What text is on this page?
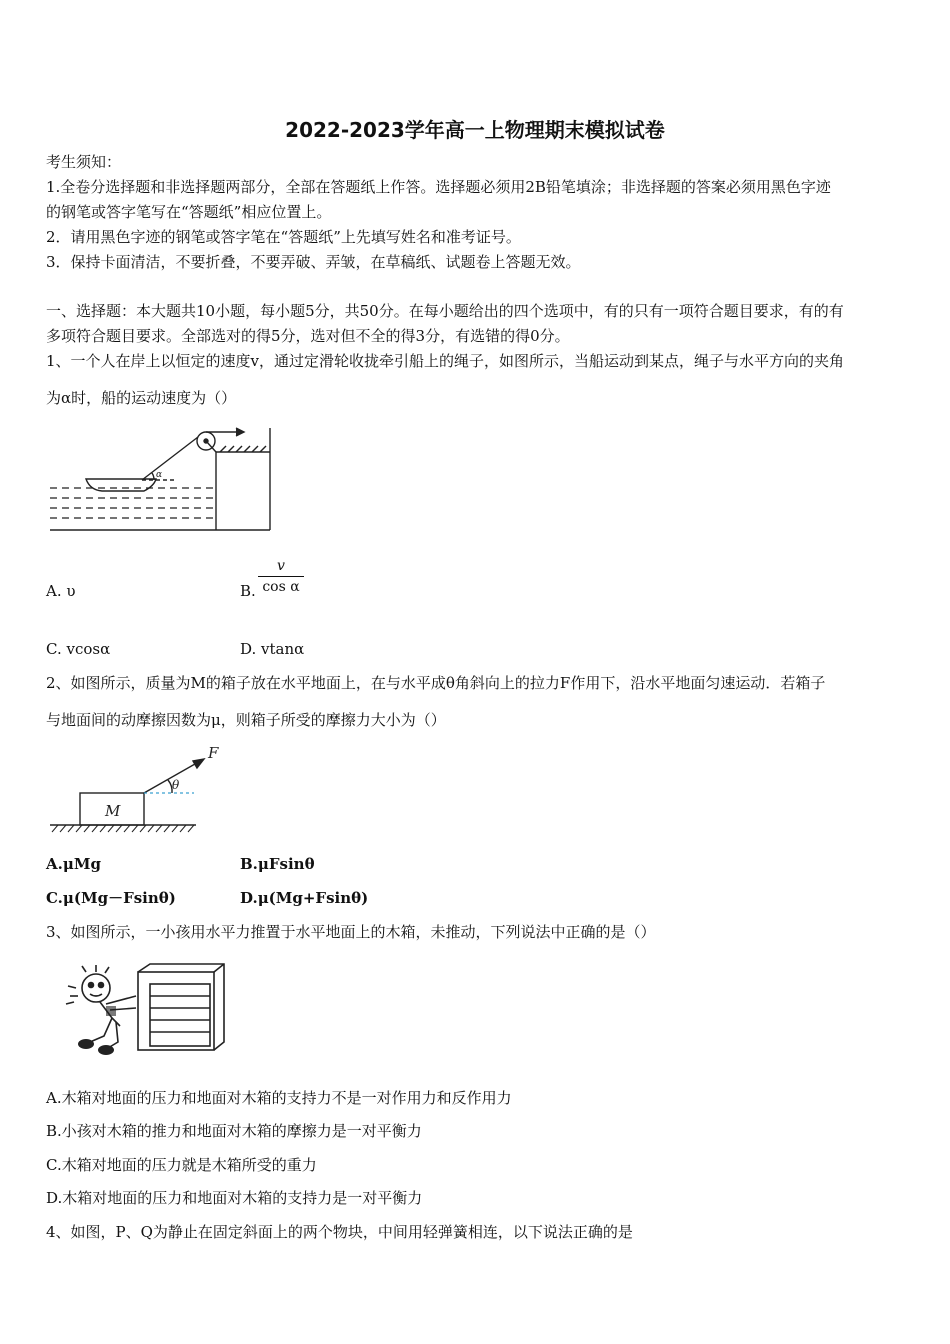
2022-2023学年高一上物理期末模拟试卷
考生须知：
1.全卷分选择题和非选择题两部分，全部在答题纸上作答。选择题必须用2B铅笔填涂；非选择题的答案必须用黑色字迹
的钢笔或答字笔写在“答题纸”相应位置上。
2．请用黑色字迹的钢笔或答字笔在“答题纸”上先填写姓名和准考证号。
3．保持卡面清洁，不要折叠，不要弄破、弄皱，在草稿纸、试题卷上答题无效。
一、选择题：本大题共10小题，每小题5分，共50分。在每小题给出的四个选项中，有的只有一项符合题目要求，有的有
多项符合题目要求。全部选对的得5分，选对但不全的得3分，有选错的得0分。
1、一个人在岸上以恒定的速度v，通过定滑轮收拢牵引船上的绳子，如图所示，当船运动到某点，绳子与水平方向的夹角
为α时，船的运动速度为（）
α
A. υ	B. $\frac{v}{\text{cos α}}$
C. vcosα	D. vtanα
2、如图所示，质量为M的箱子放在水平地面上，在与水平成θ角斜向上的拉力F作用下，沿水平地面匀速运动．若箱子
与地面间的动摩擦因数为μ，则箱子所受的摩擦力大小为（）
F
θ
M
A.μMg	B.μFsinθ
C.μ(Mg－Fsinθ)	D.μ(Mg+Fsinθ)
3、如图所示，一小孩用水平力推置于水平地面上的木箱，未推动，下列说法中正确的是（）
A.木箱对地面的压力和地面对木箱的支持力不是一对作用力和反作用力
B.小孩对木箱的推力和地面对木箱的摩擦力是一对平衡力
C.木箱对地面的压力就是木箱所受的重力
D.木箱对地面的压力和地面对木箱的支持力是一对平衡力
4、如图，P、Q为静止在固定斜面上的两个物块，中间用轻弹簧相连，以下说法正确的是
